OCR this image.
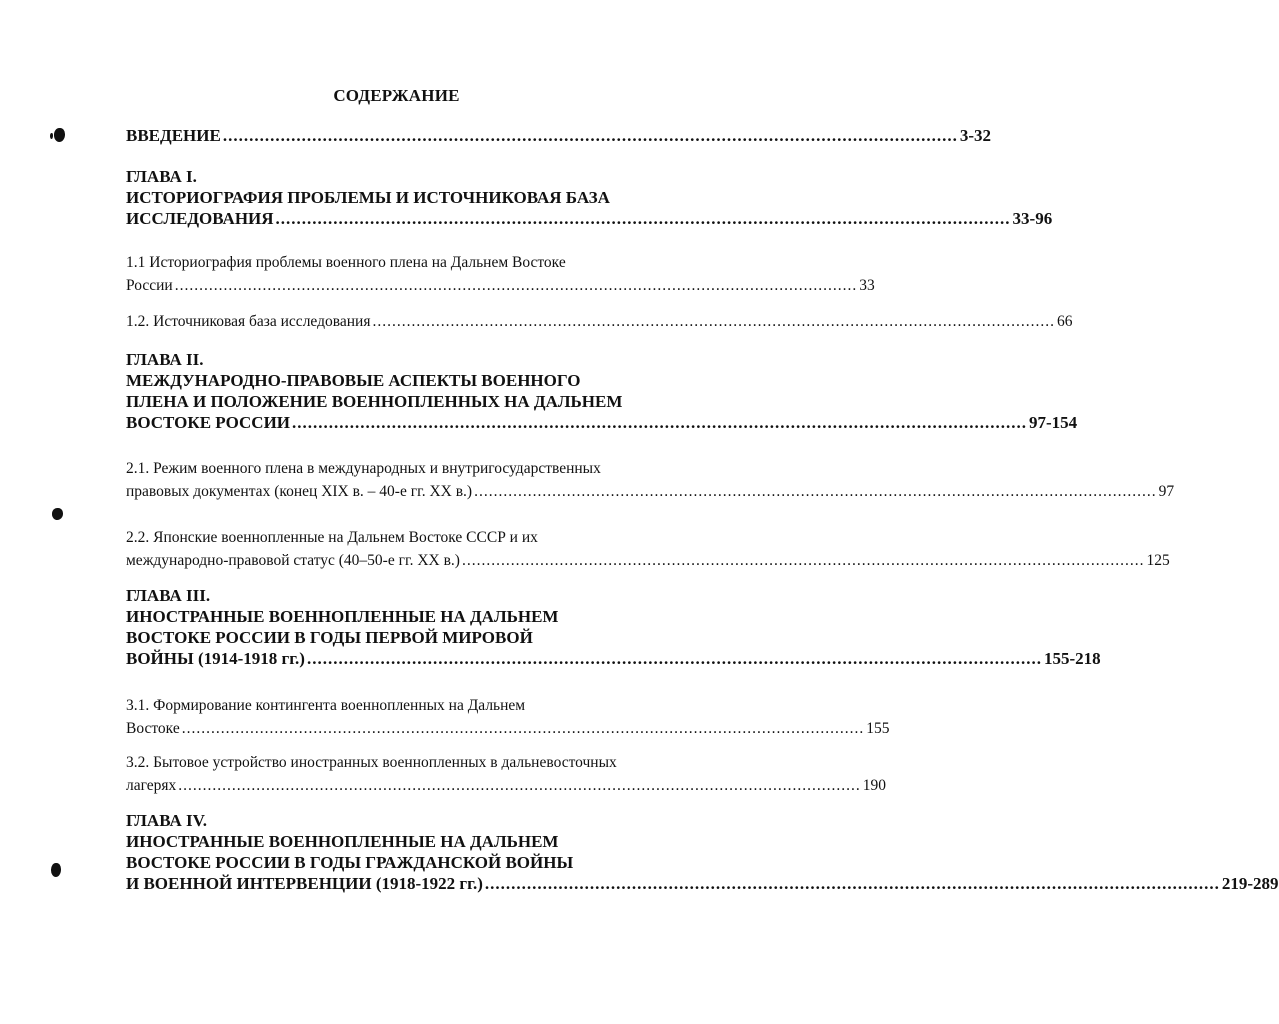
СОДЕРЖАНИЕ
ВВЕДЕНИЕ ............................................................................................................................................ 3-32
ГЛАВА I.
ИСТОРИОГРАФИЯ ПРОБЛЕМЫ И ИСТОЧНИКОВАЯ БАЗА
ИССЛЕДОВАНИЯ ............................................................................................................................................ 33-96
1.1 Историография проблемы военного плена на Дальнем Востоке
России ............................................................................................................................................ 33
1.2. Источниковая база исследования ............................................................................................................................................ 66
ГЛАВА II.
МЕЖДУНАРОДНО-ПРАВОВЫЕ АСПЕКТЫ ВОЕННОГО
ПЛЕНА И ПОЛОЖЕНИЕ ВОЕННОПЛЕННЫХ НА ДАЛЬНЕМ
ВОСТОКЕ РОССИИ ............................................................................................................................................ 97-154
2.1. Режим военного плена в международных и внутригосударственных
правовых документах (конец XIX в. – 40-е гг. XX в.) ............................................................................................................................................ 97
2.2. Японские военнопленные на Дальнем Востоке СССР и их
международно-правовой статус (40–50-е гг. XX в.) ............................................................................................................................................ 125
ГЛАВА III.
ИНОСТРАННЫЕ ВОЕННОПЛЕННЫЕ НА ДАЛЬНЕМ
ВОСТОКЕ РОССИИ В ГОДЫ ПЕРВОЙ МИРОВОЙ
ВОЙНЫ (1914-1918 гг.) ............................................................................................................................................ 155-218
3.1. Формирование контингента военнопленных на Дальнем
Востоке ............................................................................................................................................ 155
3.2. Бытовое устройство иностранных военнопленных в дальневосточных
лагерях ............................................................................................................................................ 190
ГЛАВА IV.
ИНОСТРАННЫЕ ВОЕННОПЛЕННЫЕ НА ДАЛЬНЕМ
ВОСТОКЕ РОССИИ В ГОДЫ ГРАЖДАНСКОЙ ВОЙНЫ
И ВОЕННОЙ ИНТЕРВЕНЦИИ (1918-1922 гг.) ............................................................................................................................................ 219-289
